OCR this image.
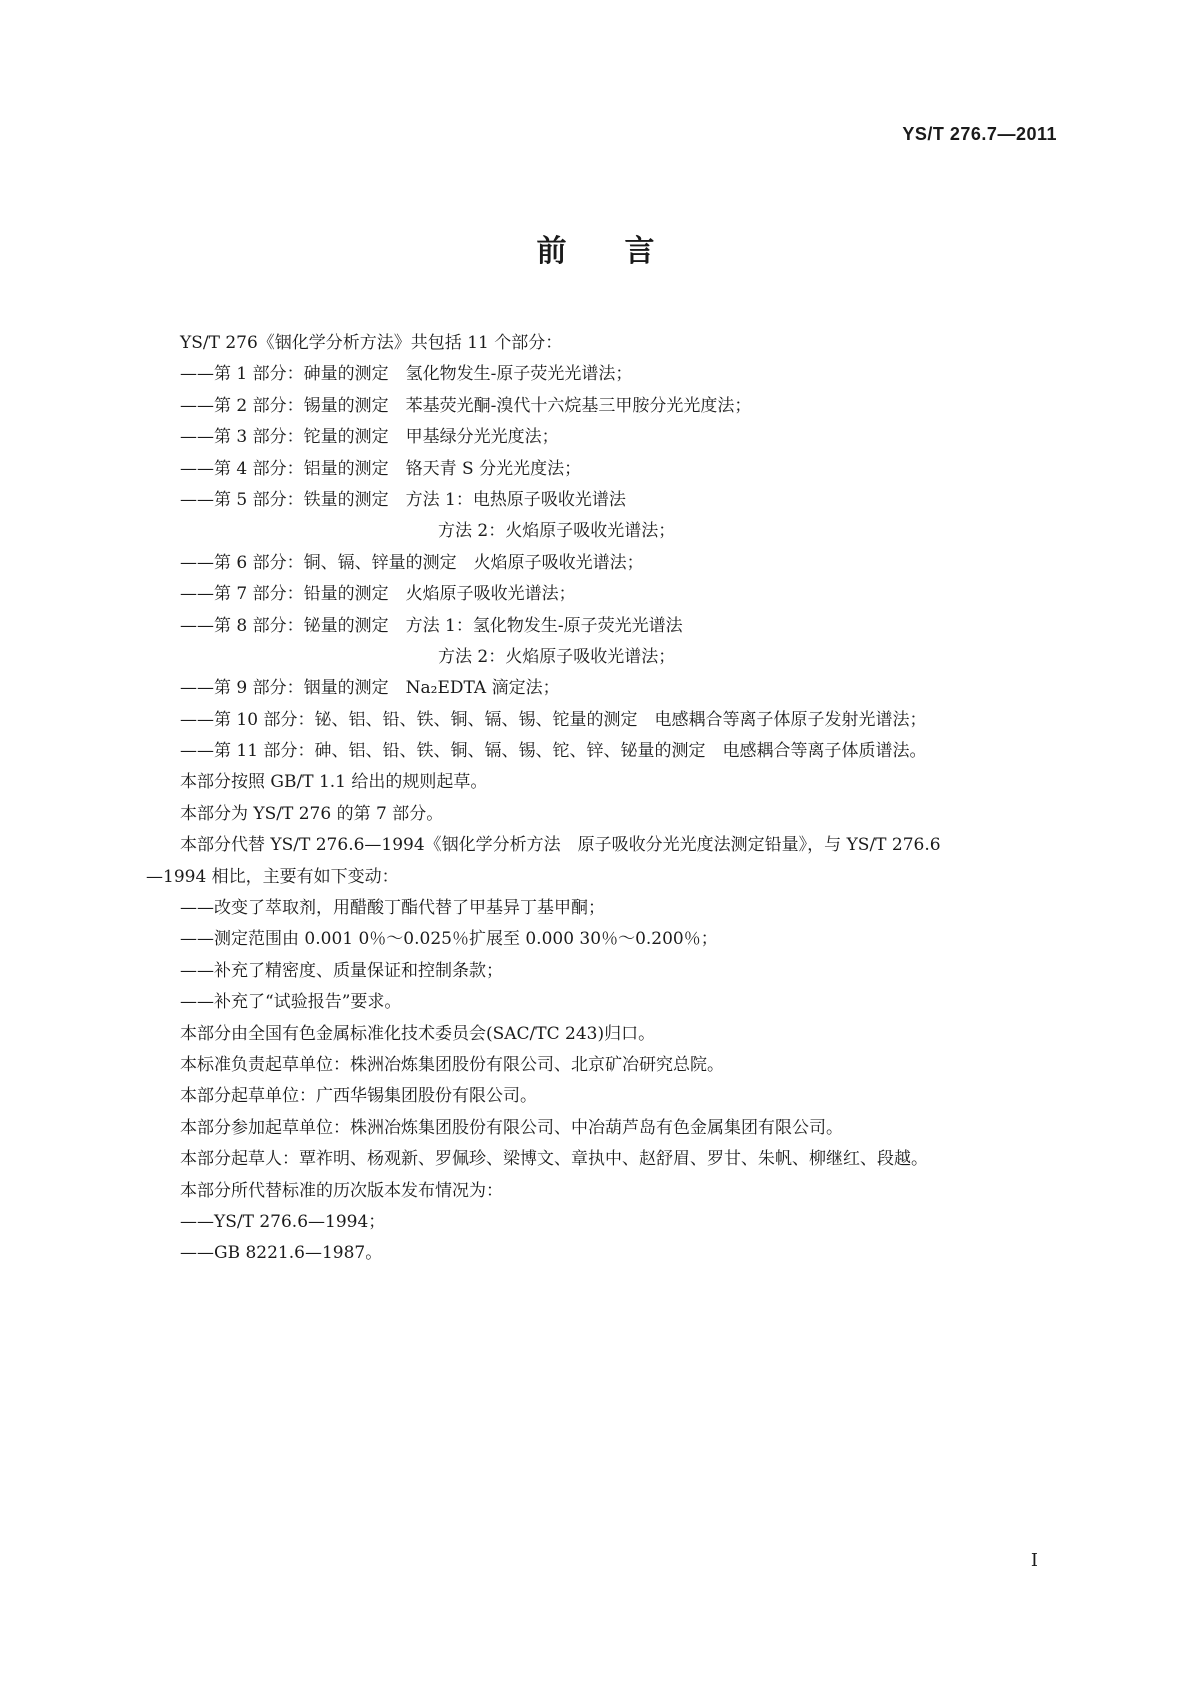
YS/T 276.7—2011
前言
YS/T 276《铟化学分析方法》共包括 11 个部分：
——第 1 部分：砷量的测定　氢化物发生-原子荧光光谱法；
——第 2 部分：锡量的测定　苯基荧光酮-溴代十六烷基三甲胺分光光度法；
——第 3 部分：铊量的测定　甲基绿分光光度法；
——第 4 部分：铝量的测定　铬天青 S 分光光度法；
——第 5 部分：铁量的测定　方法 1：电热原子吸收光谱法
方法 2：火焰原子吸收光谱法；
——第 6 部分：铜、镉、锌量的测定　火焰原子吸收光谱法；
——第 7 部分：铅量的测定　火焰原子吸收光谱法；
——第 8 部分：铋量的测定　方法 1：氢化物发生-原子荧光光谱法
方法 2：火焰原子吸收光谱法；
——第 9 部分：铟量的测定　Na₂EDTA 滴定法；
——第 10 部分：铋、铝、铅、铁、铜、镉、锡、铊量的测定　电感耦合等离子体原子发射光谱法；
——第 11 部分：砷、铝、铅、铁、铜、镉、锡、铊、锌、铋量的测定　电感耦合等离子体质谱法。
本部分按照 GB/T 1.1 给出的规则起草。
本部分为 YS/T 276 的第 7 部分。
本部分代替 YS/T 276.6—1994《铟化学分析方法　原子吸收分光光度法测定铅量》，与 YS/T 276.6
—1994 相比，主要有如下变动：
——改变了萃取剂，用醋酸丁酯代替了甲基异丁基甲酮；
——测定范围由 0.001 0％～0.025％扩展至 0.000 30％～0.200％；
——补充了精密度、质量保证和控制条款；
——补充了“试验报告”要求。
本部分由全国有色金属标准化技术委员会(SAC/TC 243)归口。
本标准负责起草单位：株洲冶炼集团股份有限公司、北京矿冶研究总院。
本部分起草单位：广西华锡集团股份有限公司。
本部分参加起草单位：株洲冶炼集团股份有限公司、中冶葫芦岛有色金属集团有限公司。
本部分起草人：覃祚明、杨观新、罗佩珍、梁博文、章执中、赵舒眉、罗甘、朱帆、柳继红、段越。
本部分所代替标准的历次版本发布情况为：
——YS/T 276.6—1994；
——GB 8221.6—1987。
I
